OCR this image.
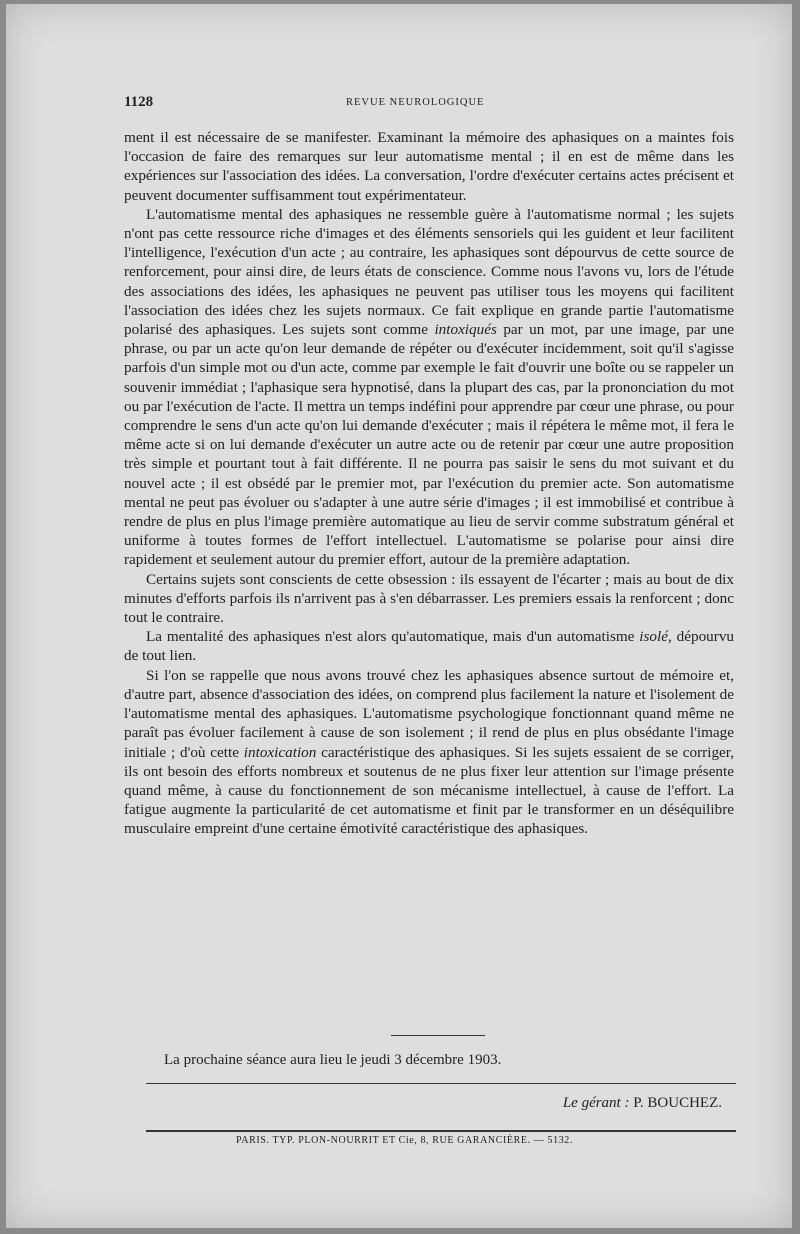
1128	REVUE NEUROLOGIQUE

ment il est nécessaire de se manifester. Examinant la mémoire des aphasiques on a maintes fois l'occasion de faire des remarques sur leur automatisme mental ; il en est de même dans les expériences sur l'association des idées. La conversation, l'ordre d'exécuter certains actes précisent et peuvent documenter suffisamment tout expérimentateur.

L'automatisme mental des aphasiques ne ressemble guère à l'automatisme normal ; les sujets n'ont pas cette ressource riche d'images et des éléments sensoriels qui les guident et leur facilitent l'intelligence, l'exécution d'un acte ; au contraire, les aphasiques sont dépourvus de cette source de renforcement, pour ainsi dire, de leurs états de conscience. Comme nous l'avons vu, lors de l'étude des associations des idées, les aphasiques ne peuvent pas utiliser tous les moyens qui facilitent l'association des idées chez les sujets normaux. Ce fait explique en grande partie l'automatisme polarisé des aphasiques. Les sujets sont comme intoxiqués par un mot, par une image, par une phrase, ou par un acte qu'on leur demande de répéter ou d'exécuter incidemment, soit qu'il s'agisse parfois d'un simple mot ou d'un acte, comme par exemple le fait d'ouvrir une boîte ou se rappeler un souvenir immédiat ; l'aphasique sera hypnotisé, dans la plupart des cas, par la prononciation du mot ou par l'exécution de l'acte. Il mettra un temps indéfini pour apprendre par cœur une phrase, ou pour comprendre le sens d'un acte qu'on lui demande d'exécuter ; mais il répétera le même mot, il fera le même acte si on lui demande d'exécuter un autre acte ou de retenir par cœur une autre proposition très simple et pourtant tout à fait différente. Il ne pourra pas saisir le sens du mot suivant et du nouvel acte ; il est obsédé par le premier mot, par l'exécution du premier acte. Son automatisme mental ne peut pas évoluer ou s'adapter à une autre série d'images ; il est immobilisé et contribue à rendre de plus en plus l'image première automatique au lieu de servir comme substratum général et uniforme à toutes formes de l'effort intellectuel. L'automatisme se polarise pour ainsi dire rapidement et seulement autour du premier effort, autour de la première adaptation.

Certains sujets sont conscients de cette obsession : ils essayent de l'écarter ; mais au bout de dix minutes d'efforts parfois ils n'arrivent pas à s'en débarrasser. Les premiers essais la renforcent ; donc tout le contraire.

La mentalité des aphasiques n'est alors qu'automatique, mais d'un automatisme isolé, dépourvu de tout lien.

Si l'on se rappelle que nous avons trouvé chez les aphasiques absence surtout de mémoire et, d'autre part, absence d'association des idées, on comprend plus facilement la nature et l'isolement de l'automatisme mental des aphasiques. L'automatisme psychologique fonctionnant quand même ne paraît pas évoluer facilement à cause de son isolement ; il rend de plus en plus obsédante l'image initiale ; d'où cette intoxication caractéristique des aphasiques. Si les sujets essaient de se corriger, ils ont besoin des efforts nombreux et soutenus de ne plus fixer leur attention sur l'image présente quand même, à cause du fonctionnement de son mécanisme intellectuel, à cause de l'effort. La fatigue augmente la particularité de cet automatisme et finit par le transformer en un déséquilibre musculaire empreint d'une certaine émotivité caractéristique des aphasiques.

La prochaine séance aura lieu le jeudi 3 décembre 1903.
Le gérant : P. BOUCHEZ.
PARIS. TYP. PLON-NOURRIT ET Cie, 8, RUE GARANCIÈRE. — 5132.
